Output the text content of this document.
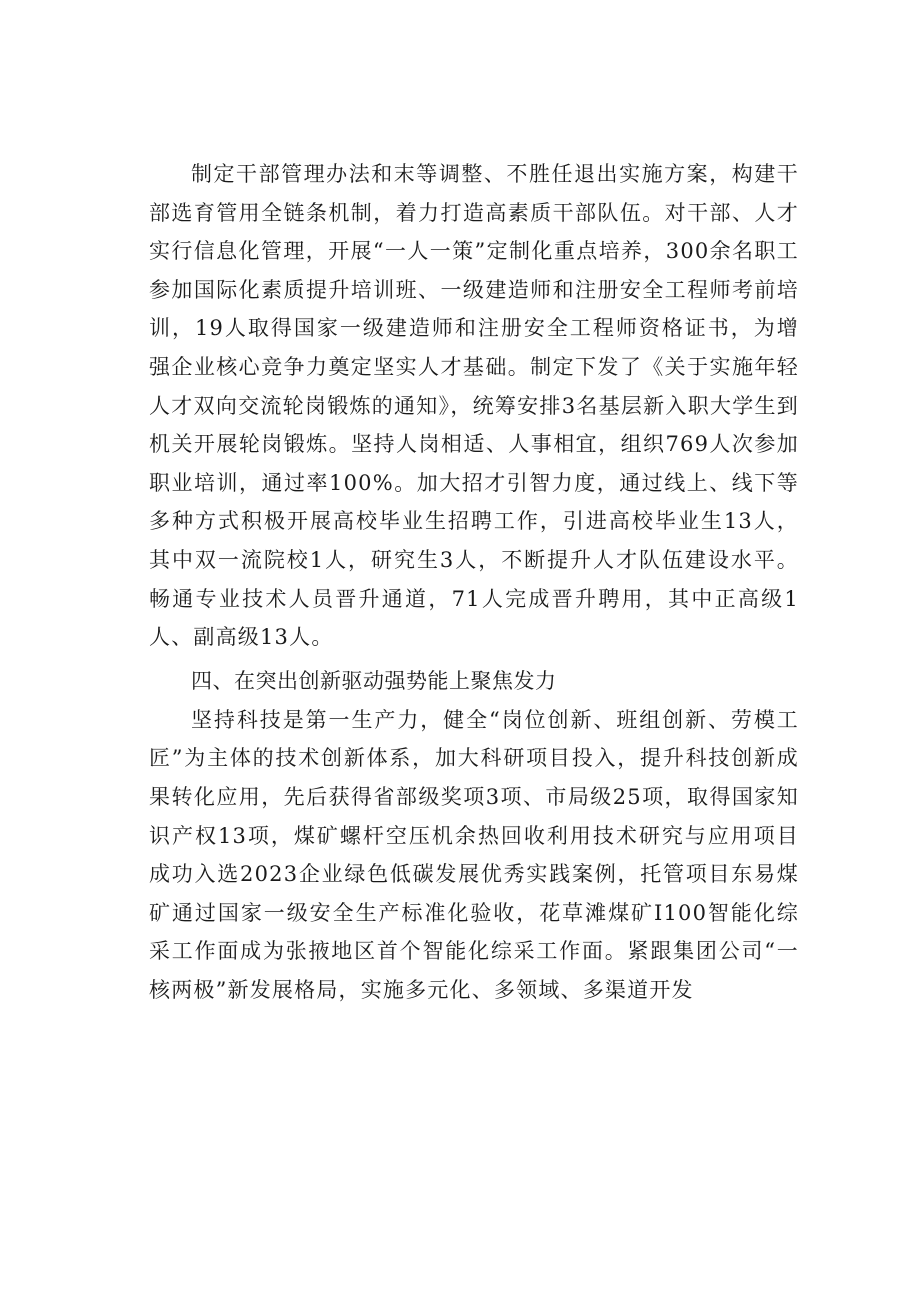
制定干部管理办法和末等调整、不胜任退出实施方案，构建干部选育管用全链条机制，着力打造高素质干部队伍。对干部、人才实行信息化管理，开展“一人一策”定制化重点培养，300余名职工参加国际化素质提升培训班、一级建造师和注册安全工程师考前培训，19人取得国家一级建造师和注册安全工程师资格证书，为增强企业核心竞争力奠定坚实人才基础。制定下发了《关于实施年轻人才双向交流轮岗锻炼的通知》，统筹安排3名基层新入职大学生到机关开展轮岗锻炼。坚持人岗相适、人事相宜，组织769人次参加职业培训，通过率100%。加大招才引智力度，通过线上、线下等多种方式积极开展高校毕业生招聘工作，引进高校毕业生13人，其中双一流院校1人，研究生3人，不断提升人才队伍建设水平。畅通专业技术人员晋升通道，71人完成晋升聘用，其中正高级1人、副高级13人。

四、在突出创新驱动强势能上聚焦发力

坚持科技是第一生产力，健全“岗位创新、班组创新、劳模工匠”为主体的技术创新体系，加大科研项目投入，提升科技创新成果转化应用，先后获得省部级奖项3项、市局级25项，取得国家知识产权13项，煤矿螺杆空压机余热回收利用技术研究与应用项目成功入选2023企业绿色低碳发展优秀实践案例，托管项目东易煤矿通过国家一级安全生产标准化验收，花草滩煤矿I100智能化综采工作面成为张掖地区首个智能化综采工作面。紧跟集团公司“一核两极”新发展格局，实施多元化、多领域、多渠道开发
